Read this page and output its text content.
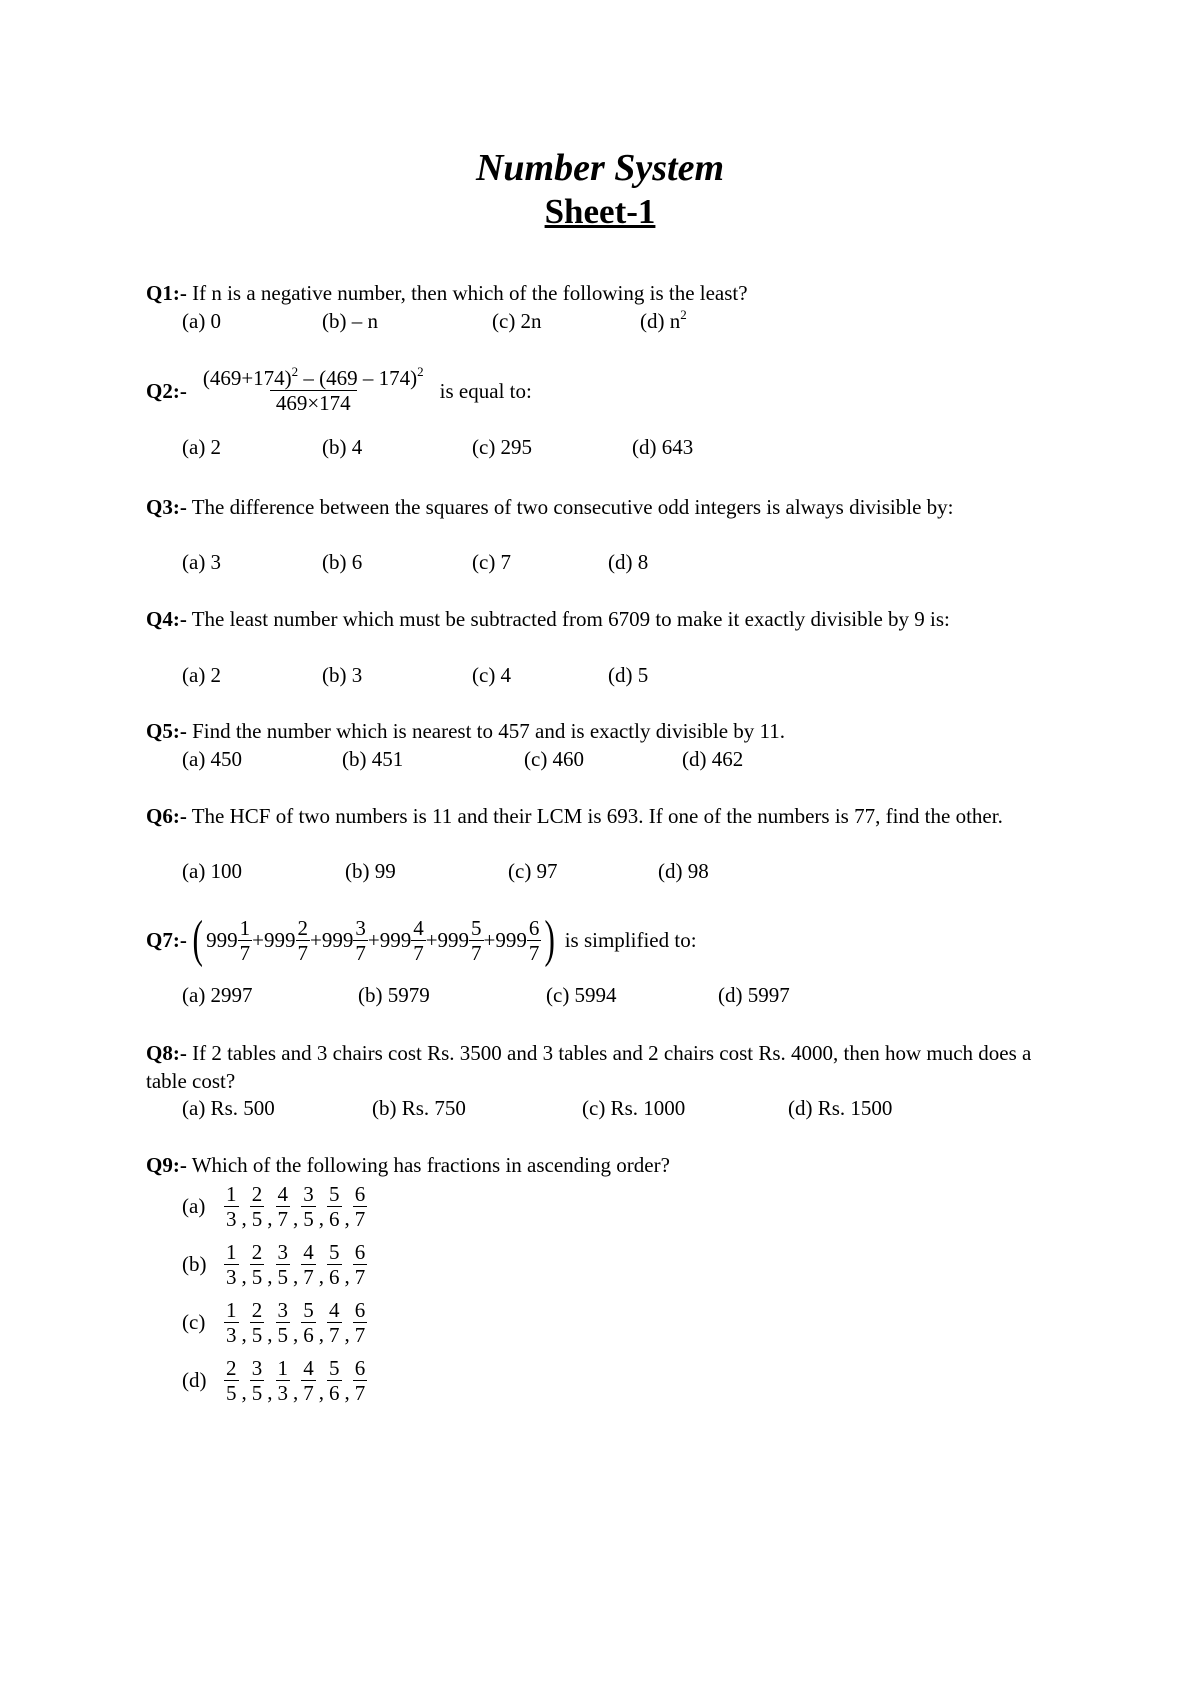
Number System
Sheet-1
Q1:- If n is a negative number, then which of the following is the least?
(a) 0	(b) – n	(c) 2n	(d) $n^2$
Q2:- $\frac{(469+174)^2 - (469 - 174)^2}{469\times 174}$ is equal to:
(a) 2	(b) 4	(c) 295	(d) 643
Q3:- The difference between the squares of two consecutive odd integers is always divisible by:
(a) 3	(b) 6	(c) 7	(d) 8
Q4:- The least number which must be subtracted from 6709 to make it exactly divisible by 9 is:
(a) 2	(b) 3	(c) 4	(d) 5
Q5:- Find the number which is nearest to 457 and is exactly divisible by 11.
(a) 450	(b) 451	(c) 460	(d) 462
Q6:- The HCF of two numbers is 11 and their LCM is 693. If one of the numbers is 77, find the other.
(a) 100	(b) 99	(c) 97	(d) 98
Q7:- ( $999 \frac{1}{7} + 999 \frac{2}{7} + 999 \frac{3}{7} + 999 \frac{4}{7} + 999 \frac{5}{7} + 999 \frac{6}{7}$ ) is simplified to:
(a) 2997	(b) 5979	(c) 5994	(d) 5997
Q8:- If 2 tables and 3 chairs cost Rs. 3500 and 3 tables and 2 chairs cost Rs. 4000, then how much does a table cost?
(a) Rs. 500	(b) Rs. 750	(c) Rs. 1000	(d) Rs. 1500
Q9:- Which of the following has fractions in ascending order?
$(a) \frac{1}{3}$ , $\frac{2}{5}$ , $\frac{4}{7}$ , $\frac{3}{5}$ , $\frac{5}{6}$ , $\frac{6}{7}$
$(b) \frac{1}{3}$ , $\frac{2}{5}$ , $\frac{3}{5}$ , $\frac{4}{7}$ , $\frac{5}{6}$ , $\frac{6}{7}$
$(c) \frac{1}{3}$ , $\frac{2}{5}$ , $\frac{3}{5}$ , $\frac{5}{6}$ , $\frac{4}{7}$ , $\frac{6}{7}$
$(d) \frac{2}{5}$ , $\frac{3}{5}$ , $\frac{1}{3}$ , $\frac{4}{7}$ , $\frac{5}{6}$ , $\frac{6}{7}$
